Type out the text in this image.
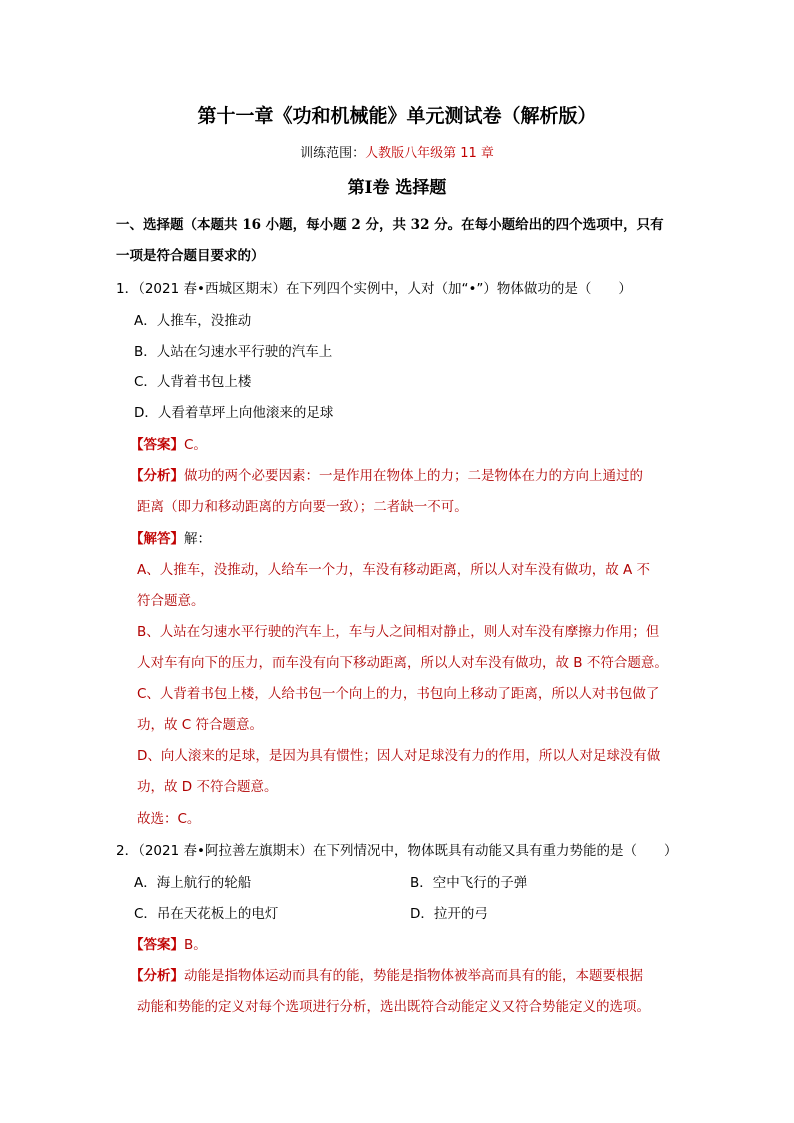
第十一章《功和机械能》单元测试卷（解析版）
训练范围：人教版八年级第 11 章
第Ⅰ卷 选择题
一、选择题（本题共 16 小题，每小题 2 分，共 32 分。在每小题给出的四个选项中，只有
一项是符合题目要求的）
1．（2021 春•西城区期末）在下列四个实例中，人对（加“•”）物体做功的是（　　）
A．人推车，没推动
B．人站在匀速水平行驶的汽车上
C．人背着书包上楼
D．人看着草坪上向他滚来的足球
【答案】C。
【分析】做功的两个必要因素：一是作用在物体上的力；二是物体在力的方向上通过的
距离（即力和移动距离的方向要一致）；二者缺一不可。
【解答】解：
A、人推车，没推动，人给车一个力，车没有移动距离，所以人对车没有做功，故 A 不
符合题意。
B、人站在匀速水平行驶的汽车上，车与人之间相对静止，则人对车没有摩擦力作用；但
人对车有向下的压力，而车没有向下移动距离，所以人对车没有做功，故 B 不符合题意。
C、人背着书包上楼，人给书包一个向上的力，书包向上移动了距离，所以人对书包做了
功，故 C 符合题意。
D、向人滚来的足球，是因为具有惯性；因人对足球没有力的作用，所以人对足球没有做
功，故 D 不符合题意。
故选：C。
2．（2021 春•阿拉善左旗期末）在下列情况中，物体既具有动能又具有重力势能的是（　　）
A．海上航行的轮船	B．空中飞行的子弹
C．吊在天花板上的电灯	D．拉开的弓
【答案】B。
【分析】动能是指物体运动而具有的能，势能是指物体被举高而具有的能，本题要根据
动能和势能的定义对每个选项进行分析，选出既符合动能定义又符合势能定义的选项。
